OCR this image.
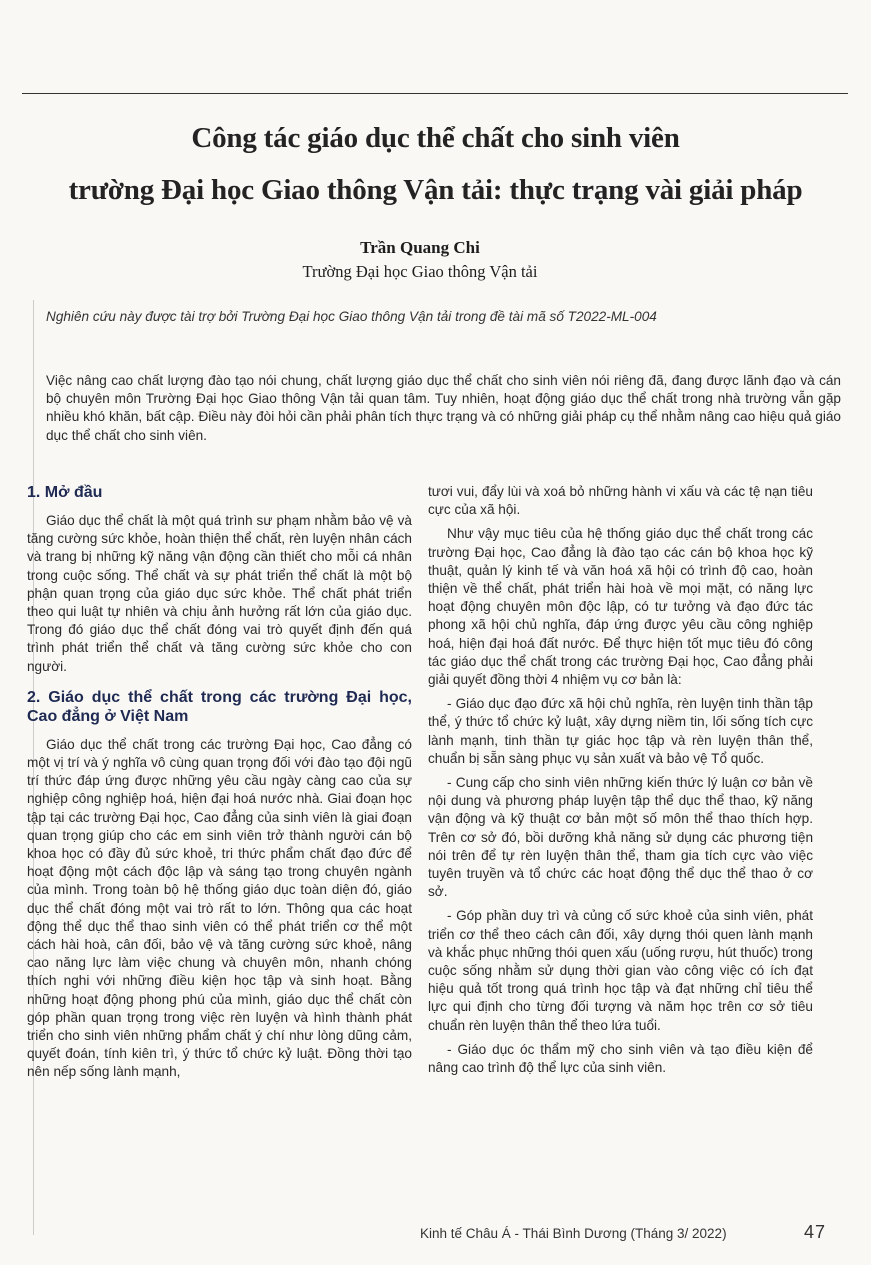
Công tác giáo dục thể chất cho sinh viên
trường Đại học Giao thông Vận tải: thực trạng vài giải pháp
Trần Quang Chi
Trường Đại học Giao thông Vận tải
Nghiên cứu này được tài trợ bởi Trường Đại học Giao thông Vận tải trong đề tài mã số T2022-ML-004
Việc nâng cao chất lượng đào tạo nói chung, chất lượng giáo dục thể chất cho sinh viên nói riêng đã, đang được lãnh đạo và cán bộ chuyên môn Trường Đại học Giao thông Vận tải quan tâm. Tuy nhiên, hoạt động giáo dục thể chất trong nhà trường vẫn gặp nhiều khó khăn, bất cập. Điều này đòi hỏi cần phải phân tích thực trạng và có những giải pháp cụ thể nhằm nâng cao hiệu quả giáo dục thể chất cho sinh viên.
1. Mở đầu

Giáo dục thể chất là một quá trình sư phạm nhằm bảo vệ và tăng cường sức khỏe, hoàn thiện thể chất, rèn luyện nhân cách và trang bị những kỹ năng vận động cần thiết cho mỗi cá nhân trong cuộc sống. Thể chất và sự phát triển thể chất là một bộ phận quan trọng của giáo dục sức khỏe. Thể chất phát triển theo qui luật tự nhiên và chịu ảnh hưởng rất lớn của giáo dục. Trong đó giáo dục thể chất đóng vai trò quyết định đến quá trình phát triển thể chất và tăng cường sức khỏe cho con người.

2. Giáo dục thể chất trong các trường Đại học, Cao đẳng ở Việt Nam

Giáo dục thể chất trong các trường Đại học, Cao đẳng có một vị trí và ý nghĩa vô cùng quan trọng đối với đào tạo đội ngũ trí thức đáp ứng được những yêu cầu ngày càng cao của sự nghiệp công nghiệp hoá, hiện đại hoá nước nhà. Giai đoạn học tập tại các trường Đại học, Cao đẳng của sinh viên là giai đoạn quan trọng giúp cho các em sinh viên trở thành người cán bộ khoa học có đầy đủ sức khoẻ, tri thức phẩm chất đạo đức để hoạt động một cách độc lập và sáng tạo trong chuyên ngành của mình. Trong toàn bộ hệ thống giáo dục toàn diện đó, giáo dục thể chất đóng một vai trò rất to lớn. Thông qua các hoạt động thể dục thể thao sinh viên có thể phát triển cơ thể một cách hài hoà, cân đối, bảo vệ và tăng cường sức khoẻ, nâng cao năng lực làm việc chung và chuyên môn, nhanh chóng thích nghi với những điều kiện học tập và sinh hoạt. Bằng những hoạt động phong phú của mình, giáo dục thể chất còn góp phần quan trọng trong việc rèn luyện và hình thành phát triển cho sinh viên những phẩm chất ý chí như lòng dũng cảm, quyết đoán, tính kiên trì, ý thức tổ chức kỷ luật. Đồng thời tạo nên nếp sống lành mạnh,

tươi vui, đẩy lùi và xoá bỏ những hành vi xấu và các tệ nạn tiêu cực của xã hội.

Như vậy mục tiêu của hệ thống giáo dục thể chất trong các trường Đại học, Cao đẳng là đào tạo các cán bộ khoa học kỹ thuật, quản lý kinh tế và văn hoá xã hội có trình độ cao, hoàn thiện về thể chất, phát triển hài hoà về mọi mặt, có năng lực hoạt động chuyên môn độc lập, có tư tưởng và đạo đức tác phong xã hội chủ nghĩa, đáp ứng được yêu cầu công nghiệp hoá, hiện đại hoá đất nước. Để thực hiện tốt mục tiêu đó công tác giáo dục thể chất trong các trường Đại học, Cao đẳng phải giải quyết đồng thời 4 nhiệm vụ cơ bản là:

- Giáo dục đạo đức xã hội chủ nghĩa, rèn luyện tinh thần tập thể, ý thức tổ chức kỷ luật, xây dựng niềm tin, lối sống tích cực lành mạnh, tinh thần tự giác học tập và rèn luyện thân thể, chuẩn bị sẵn sàng phục vụ sản xuất và bảo vệ Tổ quốc.

- Cung cấp cho sinh viên những kiến thức lý luận cơ bản về nội dung và phương pháp luyện tập thể dục thể thao, kỹ năng vận động và kỹ thuật cơ bản một số môn thể thao thích hợp. Trên cơ sở đó, bồi dưỡng khả năng sử dụng các phương tiện nói trên để tự rèn luyện thân thể, tham gia tích cực vào việc tuyên truyền và tổ chức các hoạt động thể dục thể thao ở cơ sở.

- Góp phần duy trì và củng cố sức khoẻ của sinh viên, phát triển cơ thể theo cách cân đối, xây dựng thói quen lành mạnh và khắc phục những thói quen xấu (uống rượu, hút thuốc) trong cuộc sống nhằm sử dụng thời gian vào công việc có ích đạt hiệu quả tốt trong quá trình học tập và đạt những chỉ tiêu thể lực qui định cho từng đối tượng và năm học trên cơ sở tiêu chuẩn rèn luyện thân thể theo lứa tuổi.

- Giáo dục óc thẩm mỹ cho sinh viên và tạo điều kiện để nâng cao trình độ thể lực của sinh viên.

Kinh tế Châu Á - Thái Bình Dương (Tháng 3/ 2022)	47
